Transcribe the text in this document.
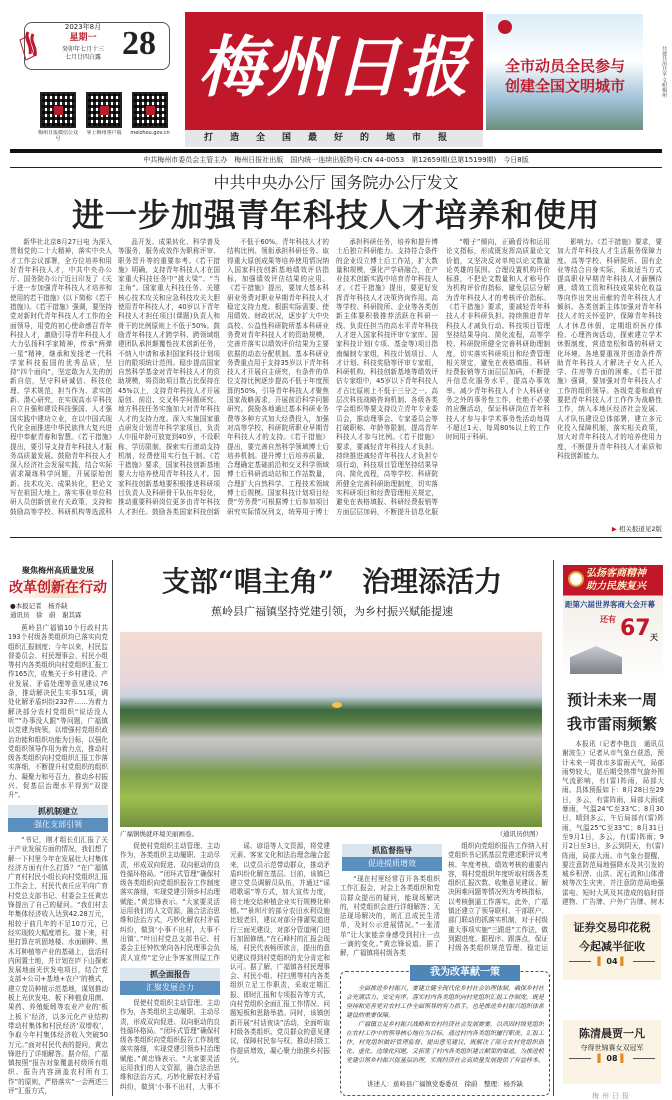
2023年8月
星期一
癸卯年七月十三
七月廿四白露 28
梅州日报微信公众号
掌上梅州客户端	meizhou.gov.cn
梅州日报
打造全国最好的地市报
全市动员全民参与
创建全国文明城市	共建共治共享 文明梅州
中共梅州市委员会主管主办　梅州日报社出版　国内统一连续出版物号:CN 44-0053　第12659期(总第15199期)　今日8版
中共中央办公厅 国务院办公厅发文
进一步加强青年科技人才培养和使用

新华社北京8月27日电 为深入贯彻党的二十大精神，落实中央人才工作会议部署，全方位培养和用好青年科技人才，中共中央办公厅、国务院办公厅近日印发了《关于进一步加强青年科技人才培养和使用的若干措施》(以下简称《若干措施》)。《若干措施》强调，要坚持党对新时代青年科技人才工作的全面领导，用党的初心使命感召青年科技人才，激励引导青年科技人才大力弘扬科学家精神，传承“两弹一星”精神，继承和发扬老一代科学家科技报国的优秀品质，坚持“四个面向”，坚定敢为人先的创新自信，坚守科研诚信、科技伦理、学术规范，担当作为、求实创新、潜心研究，在实现高水平科技自立自强和建设科技强国、人才强国实践中建功立业，在以中国式现代化全面推进中华民族伟大复兴进程中奉献青春和智慧。《若干措施》提出，要引导支持青年科技人才服务高质量发展。鼓励青年科技人才深入经济社会发展实践，结合实际需求凝练科学问题，开展原始创新、技术攻关、成果转化，把论文写在祖国大地上。落实事业单位科研人员创新创业有关政策，支持和鼓励高等学校、科研机构等选派科

品开发、成果转化、科学普及等服务，服务成效作为职称评审、职务晋升等的重要参考。《若干措施》明确，支持青年科技人才在国家重大科技任务中“挑大梁”、“当主角”。国家重大科技任务、关键核心技术攻关和应急科技攻关大胆使用青年科技人才，40岁以下青年科技人才担任项目(课题)负责人和骨干的比例原则上不低于50%。鼓励青年科技人才跨学科、跨领域组建团队承担颠覆性技术创新任务，不纳入申请和承担国家科技计划项目的限项统计范围。稳步提高国家自然科学基金对青年科技人才的资助规模，将资助项目数占比保持在45%以上，支持青年科技人才开展原创、前沿、交叉科学问题研究。地方科技任务实施加大对青年科技人才的支持力度。深入实施国家重点研发计划青年科学家项目，负责人申报年龄可放宽到40岁，不设职称、学历限制，探索实行滚动支持机制，经费使用实行包干制。《若干措施》要求，国家科技创新基地要大力培养使用青年科技人才。国家科技创新基地要积极推进科研项目负责人及科研骨干队伍年轻化，推动重要科研岗位更多由青年科技人才担任。鼓励各类国家科技创新

不低于60%。青年科技人才的结构比例、领衔承担科研任务、取得重大原创成果等培养使用情况纳入国家科技创新基地绩效评估指标，加强绩效评估结果的应用。《若干措施》提出，要加大基本科研业务费对职业早期青年科技人才稳定支持力度。根据实际需要、使用绩效、财政状况，逐步扩大中央高校、公益性科研院所基本科研业务费对青年科技人才的资助规模，完善并落实以绩效评价结果为主要依据的动态分配机制。基本科研业务费重点用于支持35岁以下青年科技人才开展自主研究，有条件的单位支持比例逐步提高不低于年度预算的50%，引导青年科技人才聚焦国家战略需求，开展前沿科学问题研究。鼓励各地通过基本科研业务费等多种方式加大经费投入，加强对高等学校、科研院所职业早期青年科技人才的支持。《若干措施》提出，要完善自然科学领域博士后培养机制。提升博士后培养质量，合理确定基础前沿和交叉科学领域博士后科研流动站和工作站数量，合理扩大自然科学、工程技术领域博士后规模。国家科技计划项目经费“劳务费”可根据博士后参加项目研究实际情况列支，统筹用于博士

承担科研任务，培养和提升博士后独立科研能力。支持符合条件的企业设立博士后工作站，扩大数量和规模，强化产学研融合，在产业技术创新实践中培育青年科技人才。《若干措施》提出，要更好发挥青年科技人才决策咨询作用。高等学校、科研院所、企业等各类创新主体要积极推荐活跃在科研一线、负责任担当的高水平青年科技人才进入国家科技评审专家库。国家科技计划(专项、基金等)项目指南编制专家组，科技计划项目、人才计划、科技奖励等评审专家组，科研机构、科技创新基地等绩效评估专家组中，45岁以下青年科技人才占比原则上不低于三分之一。高层次科技战略咨询机制、各级各类学会组织等要支持设立青年专业委员会，推动理事会、专家委员会等打破职称、年龄等限制，提高青年科技人才参与比例。《若干措施》要求，要减轻青年科技人才负担。持续推进减轻青年科技人才负担专项行动，科技项目管理坚持结果导向、简化流程，高等学校、科研院所健全完善科研助理制度，切实落实科研项目和经费管理相关规定，避免在表格填报、科研经费报销等方面层层加码，不断提升信息化服

“帽子”倾向，正确看待和运用论文指标，形成既发挥高质量论文价值，又坚决反对单纯以论文数量论英雄的氛围。合理设置机构评价标准，不把论文数量和人才称号作为机构评价的指标，避免层层分解为青年科技人才的考核评价指标。《若干措施》要求，要减轻青年科技人才非科研负担。持续推进青年科技人才减负行动。科技项目管理坚持结果导向、简化流程，高等学校、科研院所健全完善科研助理制度，切实落实科研项目和经费管理相关规定，避免在表格填报、科研经费报销等方面层层加码，不断提升信息化服务水平，提高办事效率。减少青年科技人才个人科研业务之外的事务性工作，杜绝不必要的应酬活动，保证科研岗位青年科技人才参与非学术事务性活动每周不超过1天、每周80%以上的工作时间用于科研。

影响力。《若干措施》要求，要加大青年科技人才生活服务保障力度。高等学校、科研院所、国有企业等结合自身实际，采取适当方式提高职业早期青年科技人才薪酬待遇，绩效工资和科技成果转化收益等向作出突出贡献的青年科技人才倾斜。各类创新主体加强对青年科技人才的关怀爱护，保障青年科技人才休息休假，定期组织医疗体检、心理咨询活动，探索建立学术休假制度，营造宽松和谐的科研文化环境。各地要重视并创造条件帮助青年科技人才解决子女入托入学、住房等方面的困难。《若干措施》强调，要加强对青年科技人才工作的组织领导。各级党委和政府要把青年科技人才工作作为战略性工作，纳入本地区经济社会发展、人才队伍建设总体部署，建立多元化投入保障机制，落实相关政策，加大对青年科技人才的培养使用力度，不断提升青年科技人才素质和科技创新能力。

▶ 相关报道见2版
聚焦梅州高质量发展
改革创新在行动
● 本报记者　杨乔缺
通讯员　徐　蔚　谢其霖

蕉岭县广福镇10个行政村共193个村级各类组织均已落实向党组织汇报制度；今年以来，村民监督委员会、村民理事会、村民小组等村内各类组织向村党组织汇报工作165次，收集关于乡村建设、产业发展、矛盾处理等意见建议76条，推动解决民生实事51项，调处化解矛盾纠纷232件……为着力解决部分农村党组织“说话没人听”“办事没人跟”等问题，广福镇以党建为统领，以增强村党组织政治功能和组织功能为目标，以强化党组织领导作用为着力点，推动村级各类组织向村党组织汇报工作落实落细，不断提升村党组织的组织力、凝聚力和号召力，推动乡村振兴、促基层治理水平得到“双提升”。

抓机制建立
强化支部引领

“书记，刚才组长们汇报了关于产业发展方面的情况，我们想了解一下村里今年在发展壮大村集体经济方面有什么打算？”在广福镇广育村村民小组长向村党组织汇报工作会上，村民代表丘应平向广育村党总支部书记、村委会主任黄忠锋提出了自己的疑问。“我们村去年集体经济收入达到42.28万元，相较于前几年的不足10万元，已经实现较大幅度增长。接下来，村里打算在巩固地楼、水面刷种、黑木耳种植等产业的基础上，盘活村内闲置土地，并计划在庐下山探索发展地面光伏发电项目，结合‘党支部+公司+基地+农户’的模式，建立党员种植示范基地，谋划推动板上光伏发电、板下种植食用菌、果药、养殖蚯蚓等农业产业的‘板上板下’经济，以多元化产业结构带动村集体和村民经济‘双增收’，争取今年村集体经济收入突破50万元。”面对村民代表的提问，黄忠锋进行了详细解答。据介绍，广福镇按照“报告对象覆盖村级所有组织、报告内容涵盖农村所有工作”的原则，严格落实“一会两述三评”汇报方式，

支部“唱主角”　治理添活力
蕉岭县广福镇坚持党建引领，为乡村振兴赋能提速
广福镇焕就环境美丽画卷。	（通讯员供图）

促使村党组织主动管理、主动作为，各类组织主动履职、主动尽责，形成双向促进、双向驱动的良性循环格局。“闭环式管理”确保村级各类组织向党组织报告工作制度落实落细，实现党建引领乡村治理赋能。”黄忠锋表示。“大家要灵活运用我们的人文资源，融合法治思维和法治方式，巧妙化解农村矛盾纠纷，做到‘小事不出村，大事不出镇’。”叶田村党总支部书记、村委会主任钟钦荣向各村民理事会负责人宣传“定分止争客家围屋工作

抓全面报告
汇聚发展合力

促使村党组织主动管理、主动作为，各类组织主动履职、主动尽责，形成双向促进、双向驱动的良性循环格局。“闭环式管理”确保村级各类组织向党组织报告工作制度落实落细，实现党建引领乡村治理赋能。”黄忠锋表示。“大家要灵活运用我们的人文资源，融合法治思维和法治方式，巧妙化解农村矛盾纠纷，做到‘小事不出村，大事不

谣、谚语等人文资源，将党建元素、客家文化和法治理念融合起来，以党员示范带动群众，推动矛盾纠纷化解在基层。目前，该镇已建立党员调解员队伍，并通过“谣唱歌谣”等方式，加大宣传力度，将土地交给种植企业实行规模化种植。”“景坝片的部分农田水利设施比较老旧，建议对部分排灌渠道进行三面光建设，对部分管道闸门进行加固修缮。”在石峰村的汇报会现场，村民代表畅所欲言，提出的意见建议得到村党组织的充分肯定和认可。据了解，广福镇各村民理事会、村民小组、村扫黑等村内各类组织立足工作职责，采取定期汇报、即时汇报和专项报告等方式，向村党组织全面汇报工作情况、问题短板和思路举措。同时，该镇创新开展“村话夜谈”活动，全面听取村级各类组织、党员群众的意见建议，保障村民参与权，推动村级工作提质增效，凝心聚力助推乡村振兴。

抓监督指导
促进提质增效

“现在村里经常召开各类组织工作汇报会，对会上各类组织和党员群众提出的疑问，能现场解决的，村党组织会进行详细解答；无法现场解决的，则汇总成民生清单，及时公示进展情况。”一张清单”让大家能亲身感受到村庄一点一滴的变化。”黄忠锋说道。据了解，广福镇将村级各类

组织向党组织报告工作纳入村党组织书记抓基层党建述职评议考核、年度考核、绩效考核的重要内容，将村党组织年度听取村级各类组织汇报次数、收集意见建议、解决困难问题等情况列为考核指标，以考核倒逼工作落实。此外，广福镇还建立了领导联村、干部联户、部门联动的抓落实机制，对于村级重大事项实施“三跟进”工作法，做到跟进度、跟程序、跟落点，保证村级各类组织规范管理、稳定运

我为改革献一策

全面推进乡村振兴，要建立健全现代化乡村社会治理体制，确保乡村社会充满活力、安定有序。落实村内各类组织向村党组织汇报工作制度，既是坚持和完善党对农村工作全面领导的有力抓手，也是推进乡村振兴组织体系建设的重要保障。

广福镇立足乡村振兴战略和农村经济社会发展需要，以巩固村级党组织在农村工作中的领导核心地位为目标，通过村内各类组织履行职责、汇报工作，村党组织做好管理监督、提出意见建议，既解决了部分农村党组织弱化、虚化、边缘化问题，又拓宽了村内各类组织建言献策的渠道，为推进机党建引领乡村振兴促基层治理，实现经济社会高质量发展提供了有益样本。

讲述人：蕉岭县广福镇党委委员　徐蔚　整理：杨乔缺
弘扬客商精神
助力民族复兴
距第六届世界客商大会开幕
还有 67 天
预计未来一周
我市雷雨频繁

本报讯（记者李艳良　通讯员谢波生）记者从市气象台获悉，预计未来一周我市多雷雨天气，局部雨势较大，尾后期受热带气旋外围气流影响，有(雷)阵雨，局部大雨。具体预报如下：8月28日至29日，多云，有雷阵雨，局部大雨或暴雨，气温24℃至33℃；8月30日，晴到多云，午后局部有(雷)阵雨，气温25℃至33℃；8月31日至9月1日，多云，有(雷)阵雨；9月2日至3日，多云到阴天，有(雷)阵雨，局部大雨。市气象台提醒，要注意防范局地强降水及其引发的城乡积涝、山洪、泥石流和山体滑坡等次生灾害，并注意防范局地强雷电、短时大风及其造成的临时搭建物、广告牌、户外广告牌、树木

证券交易印花税
今起减半征收
▌ 04 ▌
陈清晨贾一凡
夺得世锦赛女双冠军
▌ 08 ▌
梅州日报
